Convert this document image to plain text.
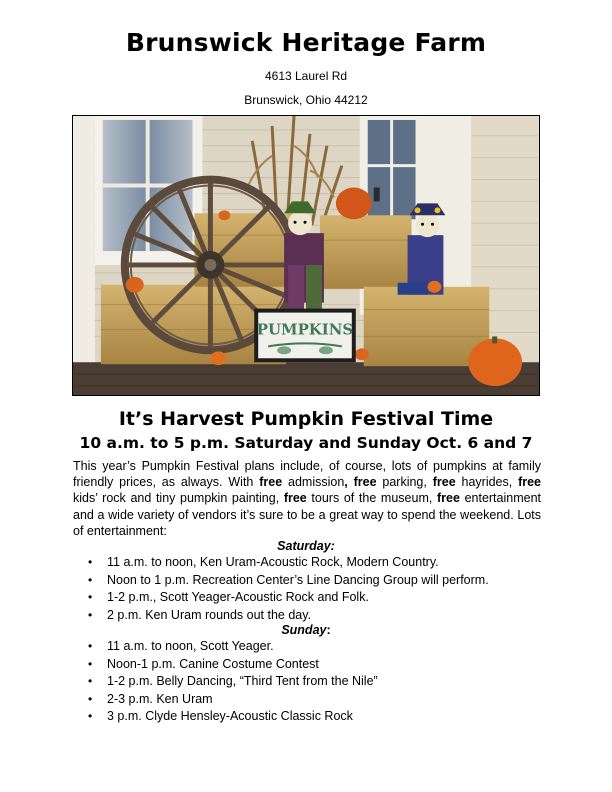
Brunswick Heritage Farm
4613 Laurel Rd
Brunswick, Ohio 44212
PUMPKINS
It’s Harvest Pumpkin Festival Time
10 a.m. to 5 p.m. Saturday and Sunday Oct. 6 and 7
This year’s Pumpkin Festival plans include, of course, lots of pumpkins at family friendly prices, as always. With free admission, free parking, free hayrides, free kids’ rock and tiny pumpkin painting, free tours of the museum, free entertainment and a wide variety of vendors it’s sure to be a great way to spend the weekend. Lots of entertainment:
Saturday:
• 11 a.m. to noon, Ken Uram-Acoustic Rock, Modern Country.
• Noon to 1 p.m. Recreation Center’s Line Dancing Group will perform.
• 1-2 p.m., Scott Yeager-Acoustic Rock and Folk.
• 2 p.m. Ken Uram rounds out the day.
Sunday:
• 11 a.m. to noon, Scott Yeager.
• Noon-1 p.m. Canine Costume Contest
• 1-2 p.m. Belly Dancing, “Third Tent from the Nile”
• 2-3 p.m. Ken Uram
• 3 p.m. Clyde Hensley-Acoustic Classic Rock
